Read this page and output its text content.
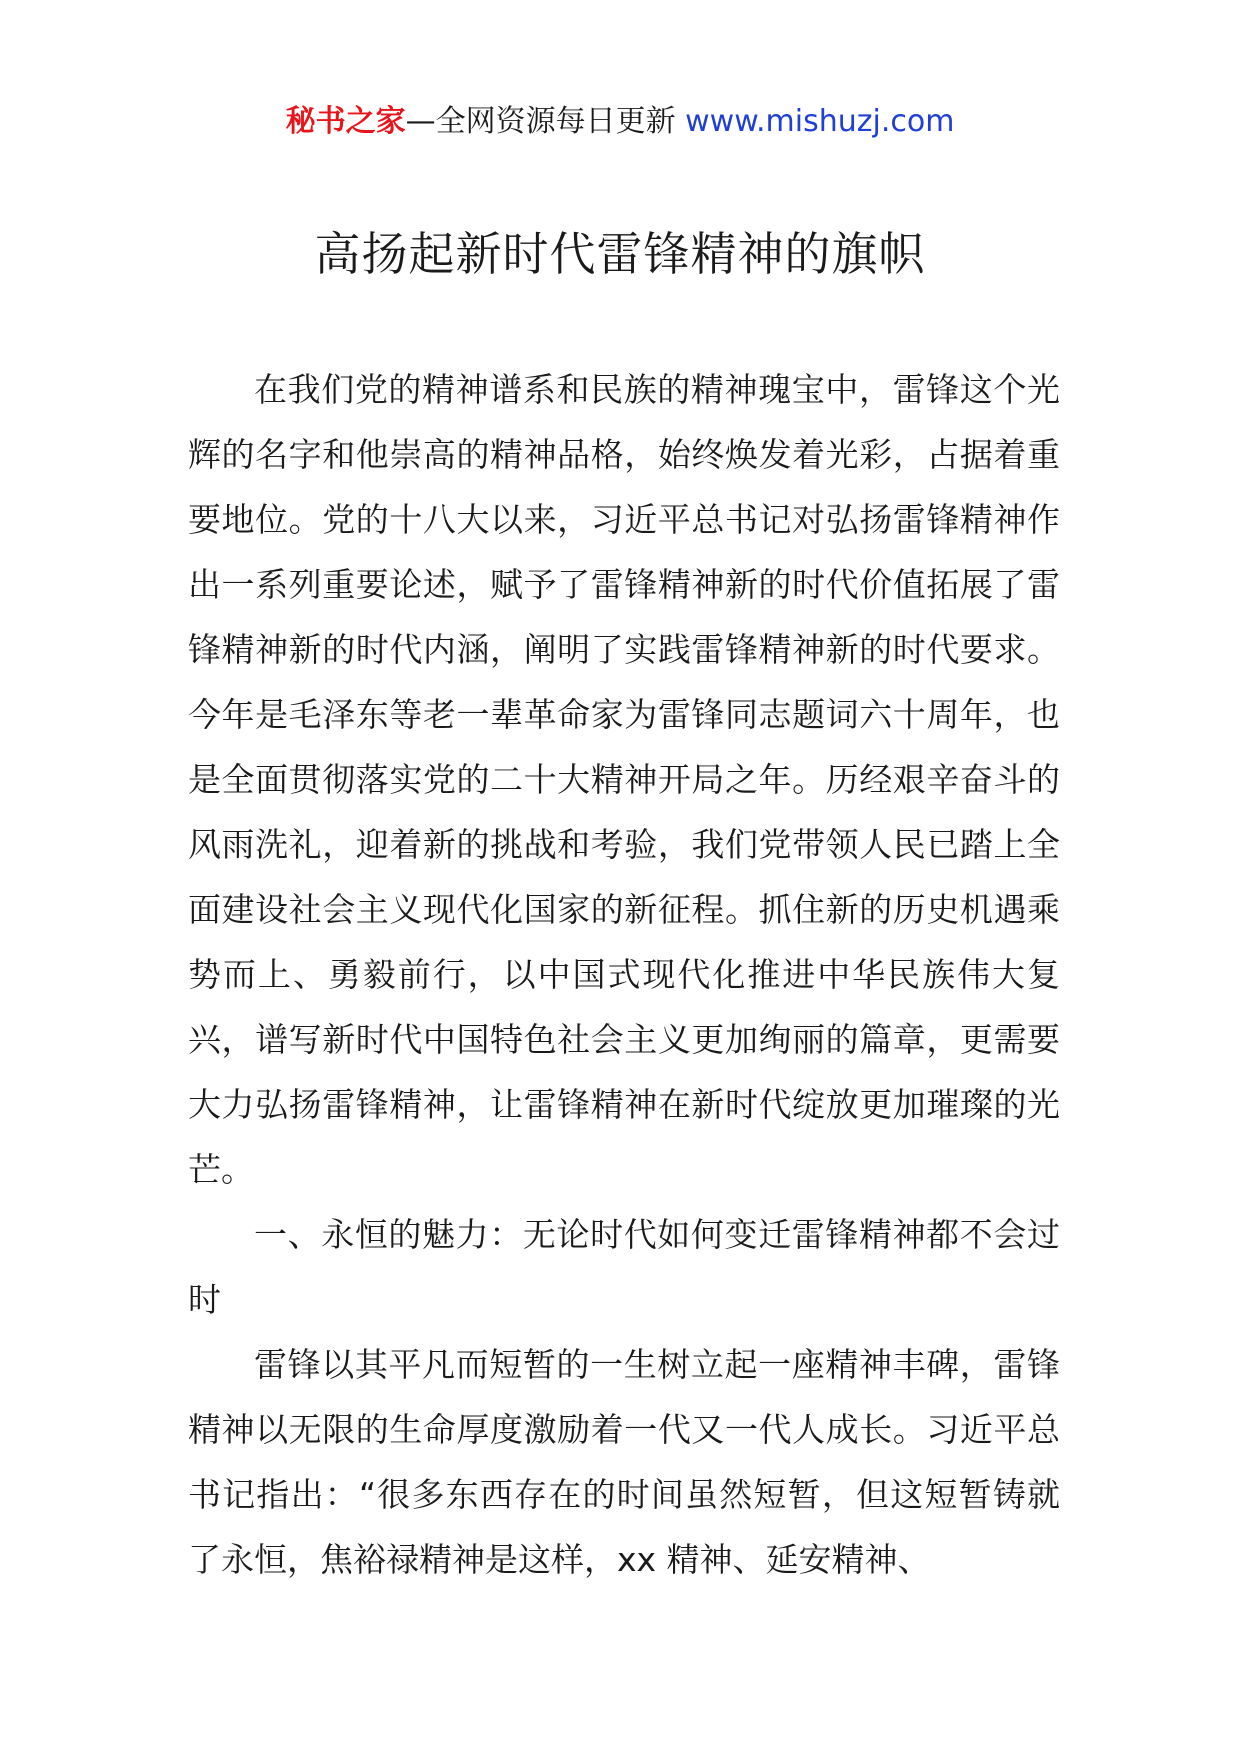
秘书之家—全网资源每日更新 www.mishuzj.com
高扬起新时代雷锋精神的旗帜

在我们党的精神谱系和民族的精神瑰宝中，雷锋这个光辉的名字和他崇高的精神品格，始终焕发着光彩，占据着重要地位。党的十八大以来，习近平总书记对弘扬雷锋精神作出一系列重要论述，赋予了雷锋精神新的时代价值拓展了雷锋精神新的时代内涵，阐明了实践雷锋精神新的时代要求。今年是毛泽东等老一辈革命家为雷锋同志题词六十周年，也是全面贯彻落实党的二十大精神开局之年。历经艰辛奋斗的风雨洗礼，迎着新的挑战和考验，我们党带领人民已踏上全面建设社会主义现代化国家的新征程。抓住新的历史机遇乘势而上、勇毅前行，以中国式现代化推进中华民族伟大复兴，谱写新时代中国特色社会主义更加绚丽的篇章，更需要大力弘扬雷锋精神，让雷锋精神在新时代绽放更加璀璨的光芒。

一、永恒的魅力：无论时代如何变迁雷锋精神都不会过时

雷锋以其平凡而短暂的一生树立起一座精神丰碑，雷锋精神以无限的生命厚度激励着一代又一代人成长。习近平总书记指出：“很多东西存在的时间虽然短暂，但这短暂铸就了永恒，焦裕禄精神是这样，xx 精神、延安精神、
